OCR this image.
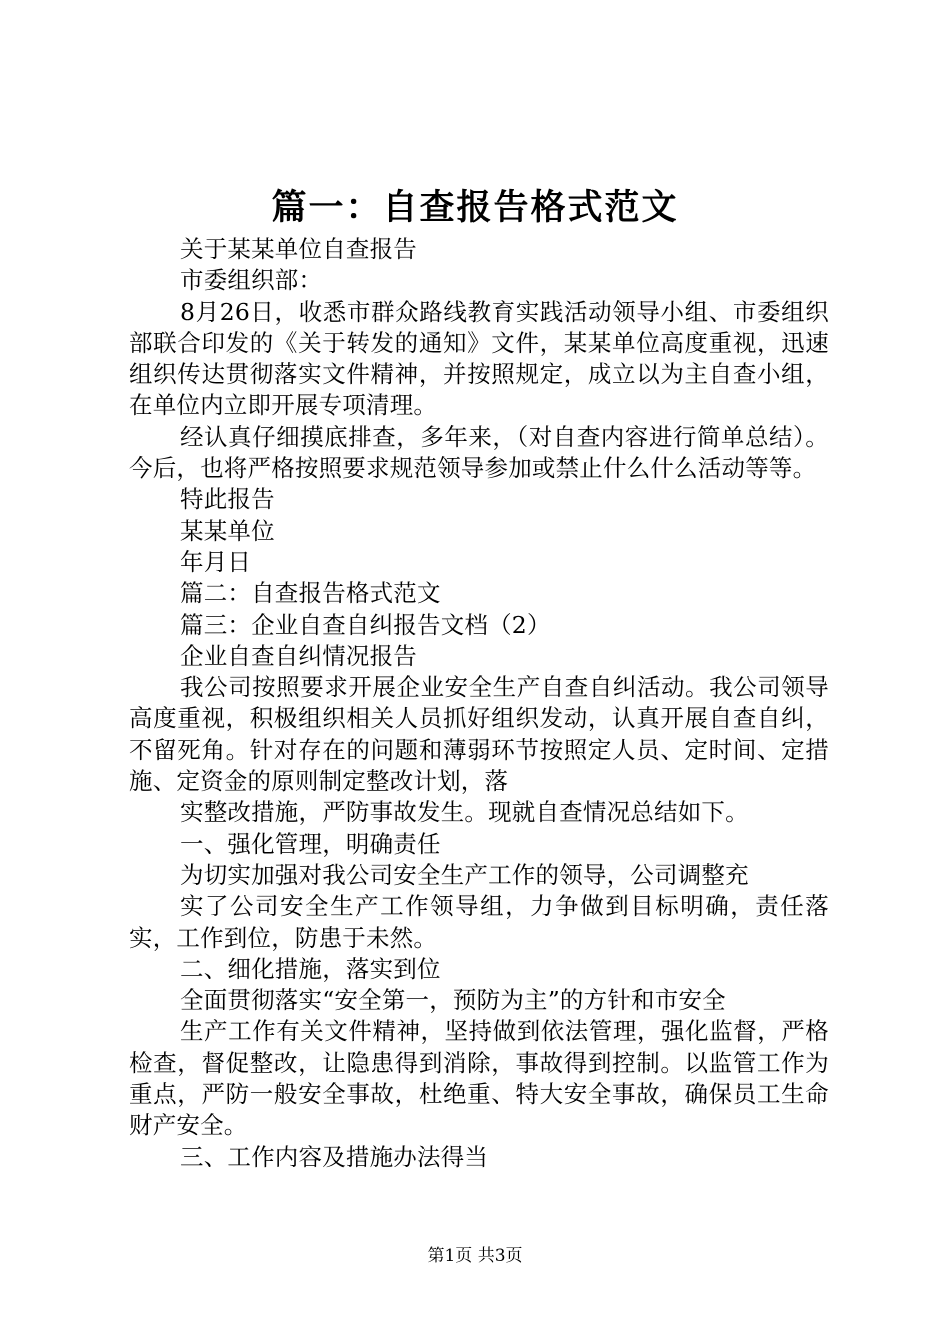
篇一：自查报告格式范文

关于某某单位自查报告

市委组织部：

8月26日，收悉市群众路线教育实践活动领导小组、市委组织部联合印发的《关于转发的通知》文件，某某单位高度重视，迅速组织传达贯彻落实文件精神，并按照规定，成立以为主自查小组，在单位内立即开展专项清理。

经认真仔细摸底排查，多年来，（对自查内容进行简单总结）。今后，也将严格按照要求规范领导参加或禁止什么什么活动等等。

特此报告

某某单位

年月日

篇二：自查报告格式范文

篇三：企业自查自纠报告文档（2）

企业自查自纠情况报告

我公司按照要求开展企业安全生产自查自纠活动。我公司领导高度重视，积极组织相关人员抓好组织发动，认真开展自查自纠，不留死角。针对存在的问题和薄弱环节按照定人员、定时间、定措施、定资金的原则制定整改计划，落

实整改措施，严防事故发生。现就自查情况总结如下。

一、强化管理，明确责任

为切实加强对我公司安全生产工作的领导，公司调整充

实了公司安全生产工作领导组，力争做到目标明确，责任落实，工作到位，防患于未然。

二、细化措施，落实到位

全面贯彻落实“安全第一，预防为主”的方针和市安全

生产工作有关文件精神，坚持做到依法管理，强化监督，严格检查，督促整改，让隐患得到消除，事故得到控制。以监管工作为重点，严防一般安全事故，杜绝重、特大安全事故，确保员工生命财产安全。

三、工作内容及措施办法得当

第1页 共3页
